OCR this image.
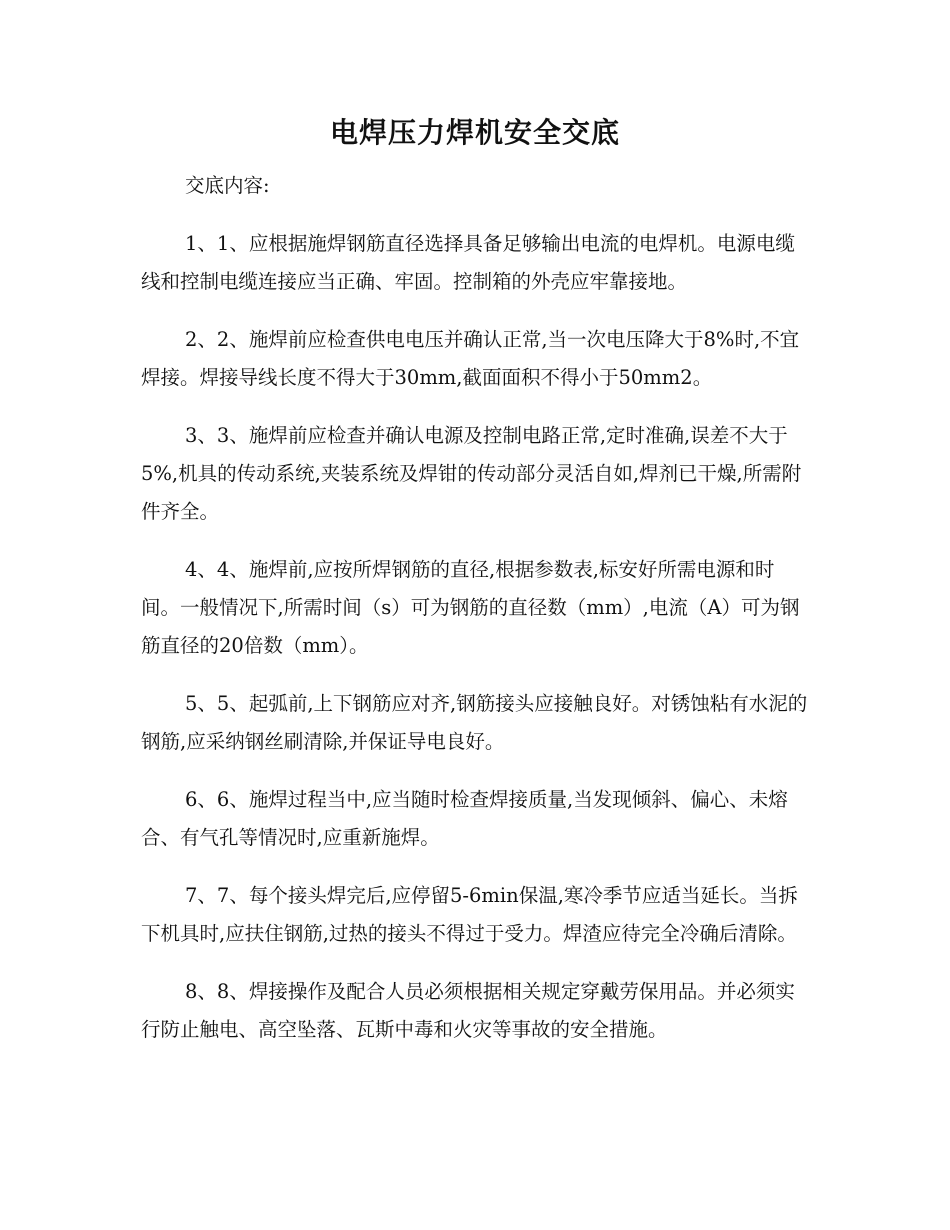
电焊压力焊机安全交底

交底内容:

1、1、应根据施焊钢筋直径选择具备足够输出电流的电焊机。电源电缆线和控制电缆连接应当正确、牢固。控制箱的外壳应牢靠接地。

2、2、施焊前应检查供电电压并确认正常,当一次电压降大于8%时,不宜焊接。焊接导线长度不得大于30mm,截面面积不得小于50mm2。

3、3、施焊前应检查并确认电源及控制电路正常,定时准确,误差不大于5%,机具的传动系统,夹装系统及焊钳的传动部分灵活自如,焊剂已干燥,所需附件齐全。

4、4、施焊前,应按所焊钢筋的直径,根据参数表,标安好所需电源和时间。一般情况下,所需时间（s）可为钢筋的直径数（mm）,电流（A）可为钢筋直径的20倍数（mm）。

5、5、起弧前,上下钢筋应对齐,钢筋接头应接触良好。对锈蚀粘有水泥的钢筋,应采纳钢丝刷清除,并保证导电良好。

6、6、施焊过程当中,应当随时检查焊接质量,当发现倾斜、偏心、未熔合、有气孔等情况时,应重新施焊。

7、7、每个接头焊完后,应停留5-6min保温,寒冷季节应适当延长。当拆下机具时,应扶住钢筋,过热的接头不得过于受力。焊渣应待完全冷确后清除。

8、8、焊接操作及配合人员必须根据相关规定穿戴劳保用品。并必须实行防止触电、高空坠落、瓦斯中毒和火灾等事故的安全措施。
